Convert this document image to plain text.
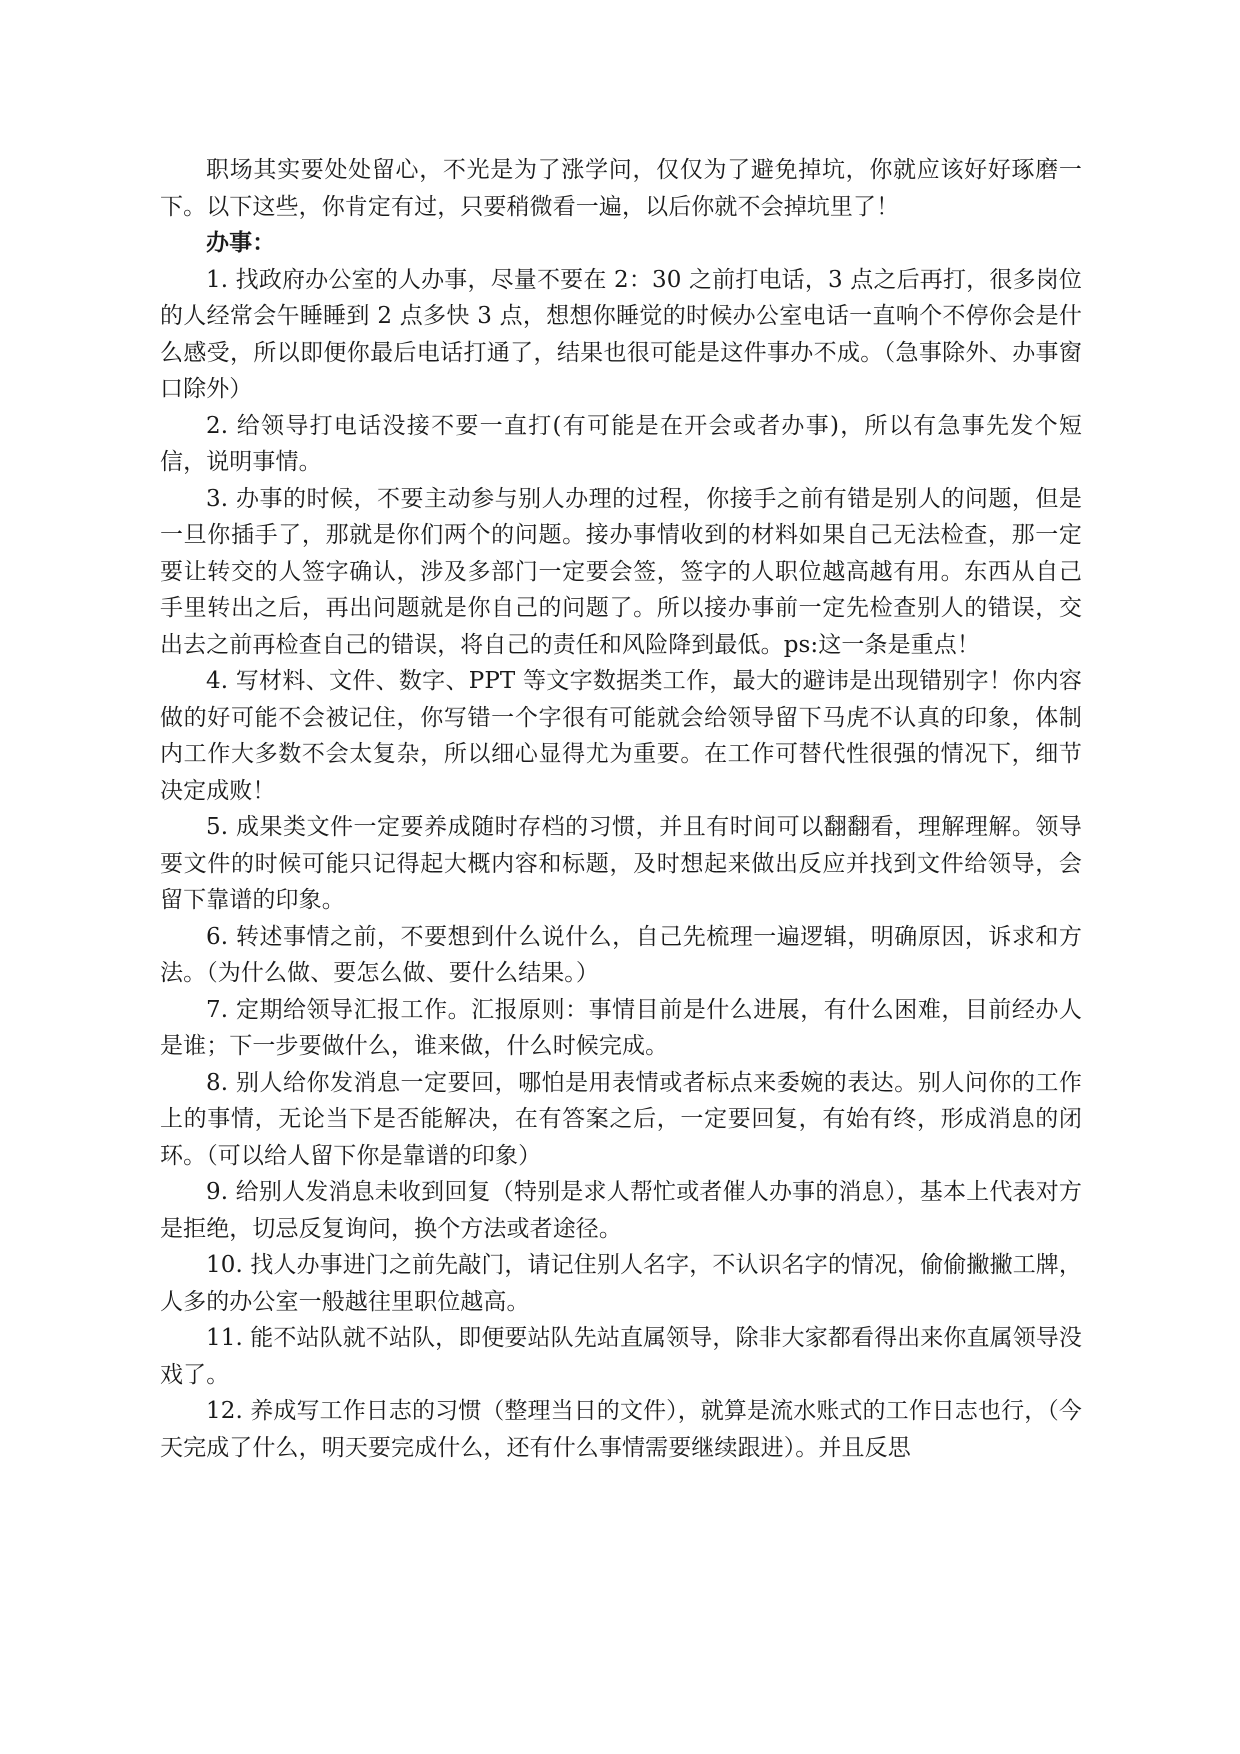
职场其实要处处留心，不光是为了涨学问，仅仅为了避免掉坑，你就应该好好琢磨一下。以下这些，你肯定有过，只要稍微看一遍，以后你就不会掉坑里了！

办事：

1. 找政府办公室的人办事，尽量不要在 2：30 之前打电话，3 点之后再打，很多岗位的人经常会午睡睡到 2 点多快 3 点，想想你睡觉的时候办公室电话一直响个不停你会是什么感受，所以即便你最后电话打通了，结果也很可能是这件事办不成。（急事除外、办事窗口除外）

2. 给领导打电话没接不要一直打(有可能是在开会或者办事)，所以有急事先发个短信，说明事情。

3. 办事的时候，不要主动参与别人办理的过程，你接手之前有错是别人的问题，但是一旦你插手了，那就是你们两个的问题。接办事情收到的材料如果自己无法检查，那一定要让转交的人签字确认，涉及多部门一定要会签，签字的人职位越高越有用。东西从自己手里转出之后，再出问题就是你自己的问题了。所以接办事前一定先检查别人的错误，交出去之前再检查自己的错误，将自己的责任和风险降到最低。ps:这一条是重点！

4. 写材料、文件、数字、PPT 等文字数据类工作，最大的避讳是出现错别字！你内容做的好可能不会被记住，你写错一个字很有可能就会给领导留下马虎不认真的印象，体制内工作大多数不会太复杂，所以细心显得尤为重要。在工作可替代性很强的情况下，细节决定成败！

5. 成果类文件一定要养成随时存档的习惯，并且有时间可以翻翻看，理解理解。领导要文件的时候可能只记得起大概内容和标题，及时想起来做出反应并找到文件给领导，会留下靠谱的印象。

6. 转述事情之前，不要想到什么说什么，自己先梳理一遍逻辑，明确原因，诉求和方法。（为什么做、要怎么做、要什么结果。）

7. 定期给领导汇报工作。汇报原则：事情目前是什么进展，有什么困难，目前经办人是谁；下一步要做什么，谁来做，什么时候完成。

8. 别人给你发消息一定要回，哪怕是用表情或者标点来委婉的表达。别人问你的工作上的事情，无论当下是否能解决，在有答案之后，一定要回复，有始有终，形成消息的闭环。（可以给人留下你是靠谱的印象）

9. 给别人发消息未收到回复（特别是求人帮忙或者催人办事的消息），基本上代表对方是拒绝，切忌反复询问，换个方法或者途径。

10. 找人办事进门之前先敲门，请记住别人名字，不认识名字的情况，偷偷撇撇工牌，人多的办公室一般越往里职位越高。

11. 能不站队就不站队，即便要站队先站直属领导，除非大家都看得出来你直属领导没戏了。

12. 养成写工作日志的习惯（整理当日的文件），就算是流水账式的工作日志也行，（今天完成了什么，明天要完成什么，还有什么事情需要继续跟进）。并且反思
